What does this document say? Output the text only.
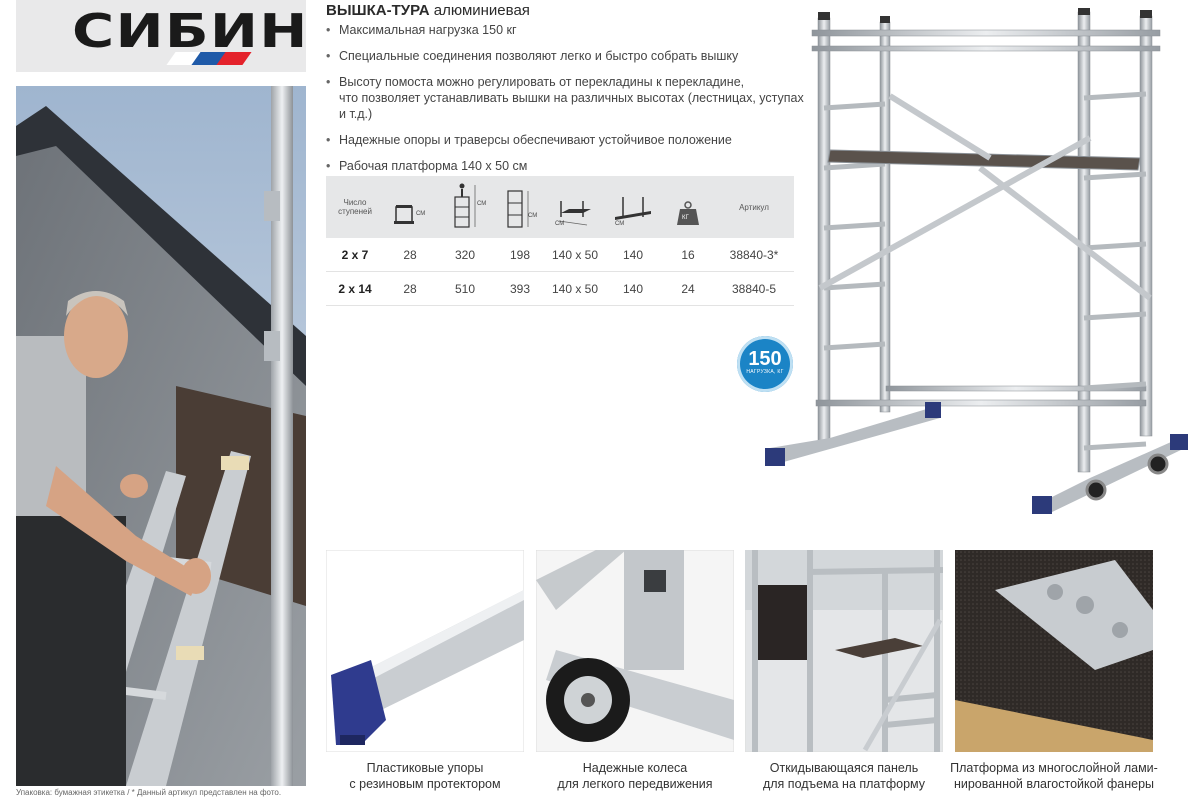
СИБИН ВЫШКА-ТУРА алюминиевая
• Максимальная нагрузка 150 кг
• Специальные соединения позволяют легко и быстро собрать вышку
• Высоту помоста можно регулировать от перекладины к перекладине,
что позволяет устанавливать вышки на различных высотах (лестницах, уступах и т.д.)
• Надежные опоры и траверсы обеспечивают устойчивое положение
• Рабочая платформа 140 х 50 см
Число
ступеней	СМ	СМ	СМ	СМ	СМ	КГ	Артикул
2 x 7	28	320	198	140 x 50	140	16	38840-3*
2 x 14	28	510	393	140 x 50	140	24	38840-5
150
НАГРУЗКА, КГ
Пластиковые упоры
с резиновым протектором
Надежные колеса
для легкого передвижения
Откидывающаяся панель
для подъема на платформу
Платформа из многослойной лами-
нированной влагостойкой фанеры
Упаковка: бумажная этикетка / * Данный артикул представлен на фото.
